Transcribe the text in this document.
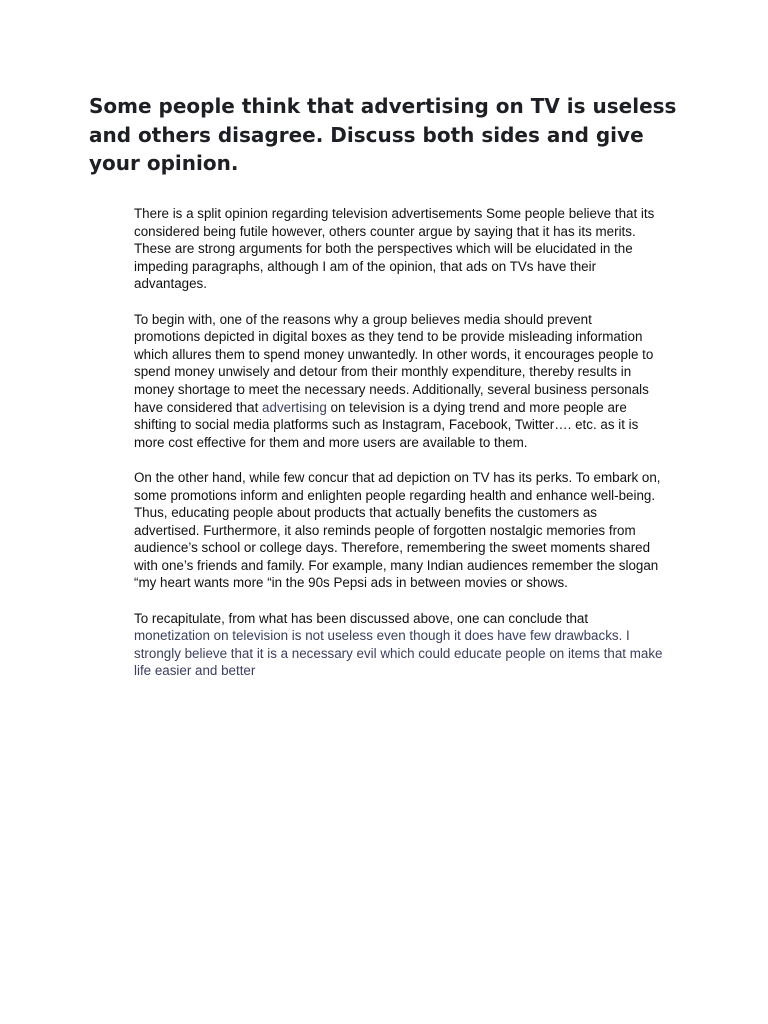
Some people think that advertising on TV is useless
and others disagree. Discuss both sides and give
your opinion.

There is a split opinion regarding television advertisements Some people believe that its
considered being futile however, others counter argue by saying that it has its merits.
These are strong arguments for both the perspectives which will be elucidated in the
impeding paragraphs, although I am of the opinion, that ads on TVs have their
advantages.

To begin with, one of the reasons why a group believes media should prevent
promotions depicted in digital boxes as they tend to be provide misleading information
which allures them to spend money unwantedly. In other words, it encourages people to
spend money unwisely and detour from their monthly expenditure, thereby results in
money shortage to meet the necessary needs. Additionally, several business personals
have considered that advertising on television is a dying trend and more people are
shifting to social media platforms such as Instagram, Facebook, Twitter…. etc. as it is
more cost effective for them and more users are available to them.

On the other hand, while few concur that ad depiction on TV has its perks. To embark on,
some promotions inform and enlighten people regarding health and enhance well-being.
Thus, educating people about products that actually benefits the customers as
advertised. Furthermore, it also reminds people of forgotten nostalgic memories from
audience’s school or college days. Therefore, remembering the sweet moments shared
with one’s friends and family. For example, many Indian audiences remember the slogan
“my heart wants more “in the 90s Pepsi ads in between movies or shows.

To recapitulate, from what has been discussed above, one can conclude that
monetization on television is not useless even though it does have few drawbacks. I
strongly believe that it is a necessary evil which could educate people on items that make
life easier and better
